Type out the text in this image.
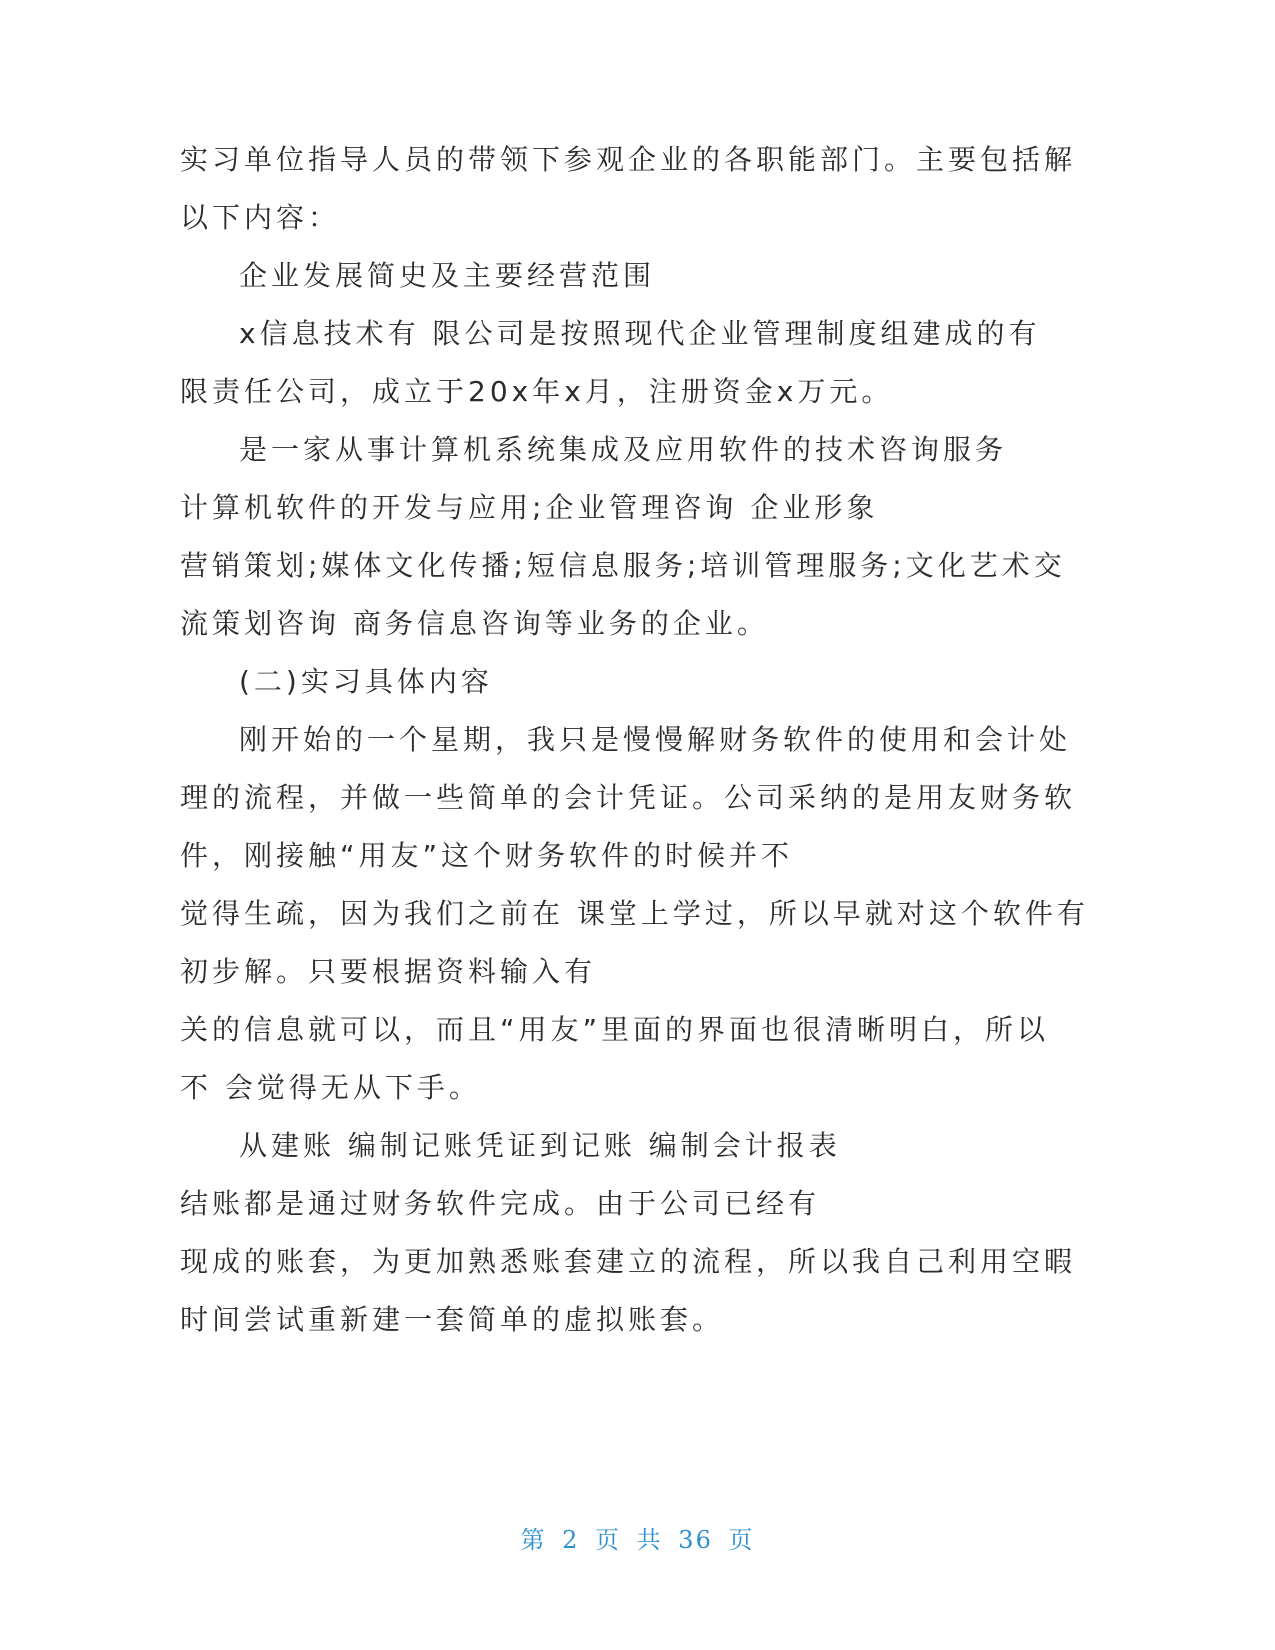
实习单位指导人员的带领下参观企业的各职能部门。主要包括解
以下内容：
企业发展简史及主要经营范围
x信息技术有 限公司是按照现代企业管理制度组建成的有
限责任公司，成立于20x年x月，注册资金x万元。
是一家从事计算机系统集成及应用软件的技术咨询服务
计算机软件的开发与应用;企业管理咨询 企业形象
营销策划;媒体文化传播;短信息服务;培训管理服务;文化艺术交
流策划咨询 商务信息咨询等业务的企业。
(二)实习具体内容
刚开始的一个星期，我只是慢慢解财务软件的使用和会计处
理的流程，并做一些简单的会计凭证。公司采纳的是用友财务软
件，刚接触“用友”这个财务软件的时候并不
觉得生疏，因为我们之前在 课堂上学过，所以早就对这个软件有
初步解。只要根据资料输入有
关的信息就可以，而且“用友”里面的界面也很清晰明白，所以
不 会觉得无从下手。
从建账 编制记账凭证到记账 编制会计报表
结账都是通过财务软件完成。由于公司已经有
现成的账套，为更加熟悉账套建立的流程，所以我自己利用空暇
时间尝试重新建一套简单的虚拟账套。
第 2 页 共 36 页
